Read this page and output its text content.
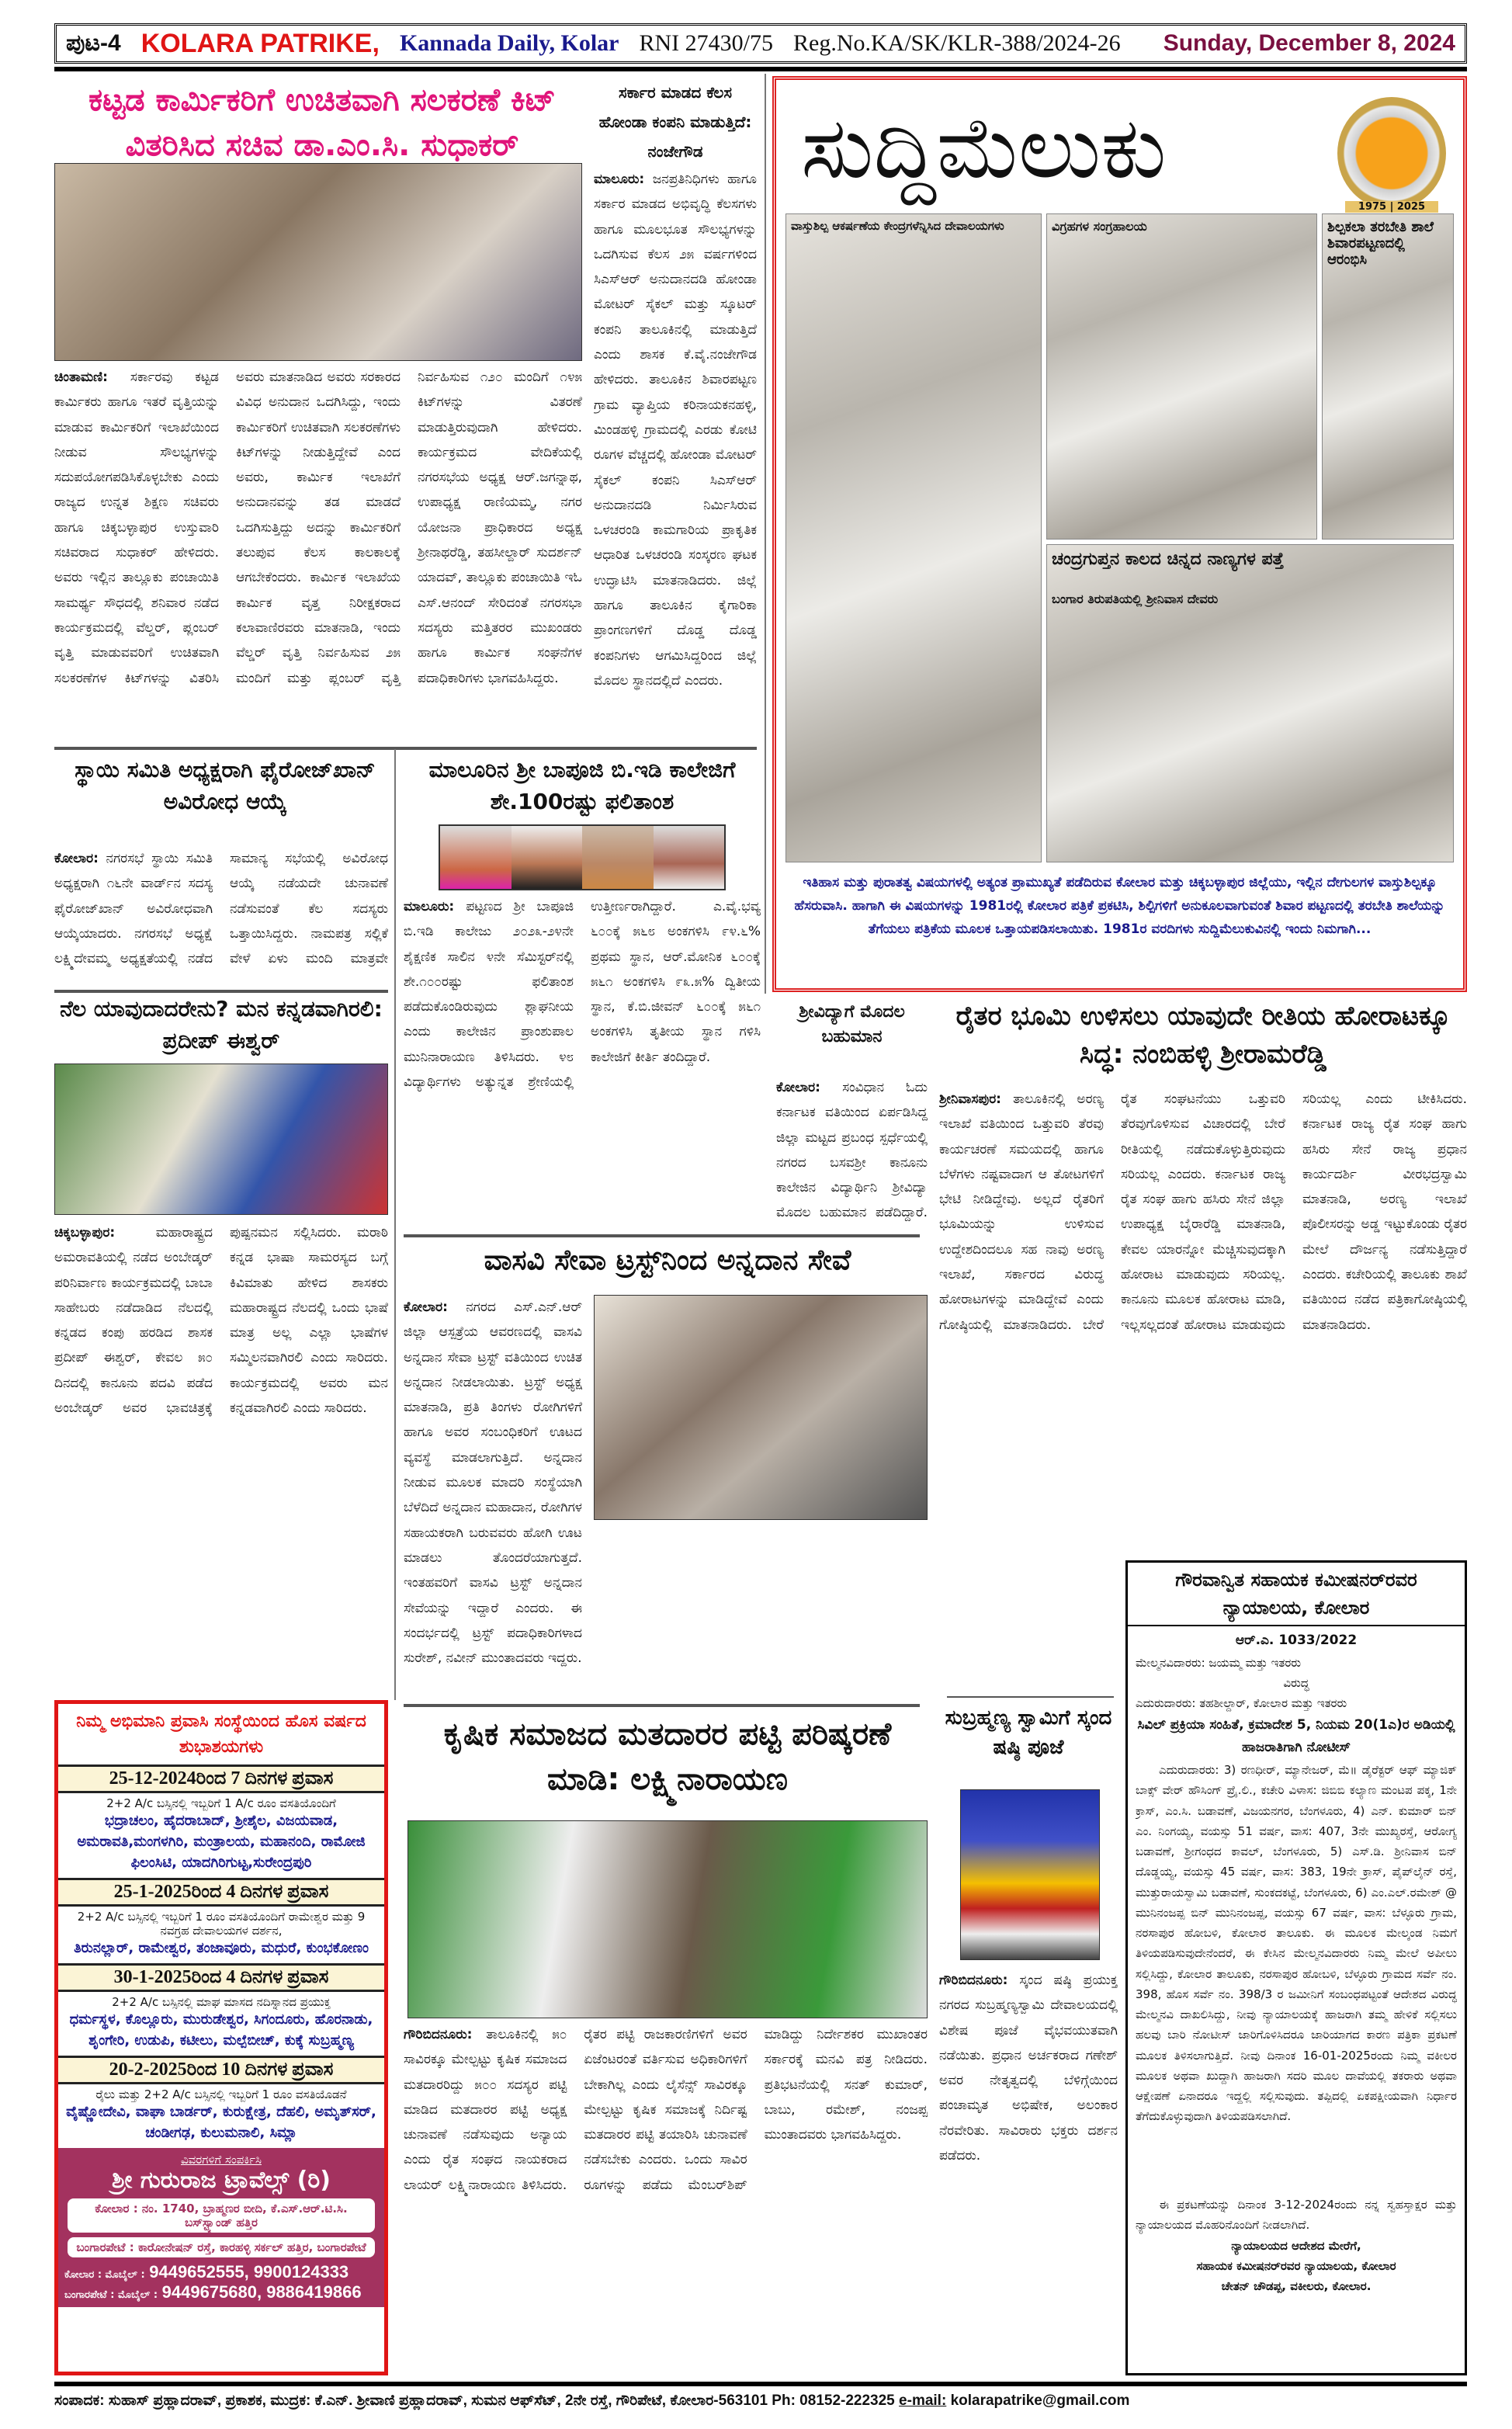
ಪುಟ-4 KOLARA PATRIKE, Kannada Daily, Kolar RNI 27430/75 Reg.No.KA/SK/KLR-388/2024-26 Sunday, December 8, 2024
ಕಟ್ಟಡ ಕಾರ್ಮಿಕರಿಗೆ ಉಚಿತವಾಗಿ ಸಲಕರಣೆ ಕಿಟ್ ವಿತರಿಸಿದ ಸಚಿವ ಡಾ.ಎಂ.ಸಿ. ಸುಧಾಕರ್
ಚಿಂತಾಮಣಿ: ಸರ್ಕಾರವು ಕಟ್ಟಡ ಕಾರ್ಮಿಕರು ಹಾಗೂ ಇತರೆ ವೃತ್ತಿಯನ್ನು ಮಾಡುವ ಕಾರ್ಮಿಕರಿಗೆ ಇಲಾಖೆಯಿಂದ ನೀಡುವ ಸೌಲಭ್ಯಗಳನ್ನು ಸದುಪಯೋಗಪಡಿಸಿಕೊಳ್ಳಬೇಕು ಎಂದು ರಾಜ್ಯದ ಉನ್ನತ ಶಿಕ್ಷಣ ಸಚಿವರು ಹಾಗೂ ಚಿಕ್ಕಬಳ್ಳಾಪುರ ಉಸ್ತುವಾರಿ ಸಚಿವರಾದ ಸುಧಾಕರ್ ಹೇಳಿದರು. ಅವರು ಇಲ್ಲಿನ ತಾಲ್ಲೂಕು ಪಂಚಾಯಿತಿ ಸಾಮರ್ಥ್ಯ ಸೌಧದಲ್ಲಿ ಶನಿವಾರ ನಡೆದ ಕಾರ್ಯಕ್ರಮದಲ್ಲಿ ವೆಲ್ಡರ್, ಪ್ಲಂಬರ್ ವೃತ್ತಿ ಮಾಡುವವರಿಗೆ ಉಚಿತವಾಗಿ ಸಲಕರಣೆಗಳ ಕಿಟ್‌ಗಳನ್ನು ವಿತರಿಸಿ ಅವರು ಮಾತನಾಡಿದ ಅವರು ಸರಕಾರದ ವಿವಿಧ ಅನುದಾನ ಒದಗಿಸಿದ್ದು, ಇಂದು ಕಾರ್ಮಿಕರಿಗೆ ಉಚಿತವಾಗಿ ಸಲಕರಣೆಗಳು ಕಿಟ್‌ಗಳನ್ನು ನೀಡುತ್ತಿದ್ದೇವೆ ಎಂದ ಅವರು, ಕಾರ್ಮಿಕ ಇಲಾಖೆಗೆ ಅನುದಾನವನ್ನು ತಡ ಮಾಡದೆ ಒದಗಿಸುತ್ತಿದ್ದು ಅದನ್ನು ಕಾರ್ಮಿಕರಿಗೆ ತಲುಪುವ ಕೆಲಸ ಕಾಲಕಾಲಕ್ಕೆ ಆಗಬೇಕೆಂದರು. ಕಾರ್ಮಿಕ ಇಲಾಖೆಯ ಕಾರ್ಮಿಕ ವೃತ್ತ ನಿರೀಕ್ಷಕರಾದ ಕಲಾವಾಣಿರವರು ಮಾತನಾಡಿ, ಇಂದು ವೆಲ್ಡರ್ ವೃತ್ತಿ ನಿರ್ವಹಿಸುವ ೨೫ ಮಂದಿಗೆ ಮತ್ತು ಪ್ಲಂಬರ್ ವೃತ್ತಿ ನಿರ್ವಹಿಸುವ ೧೨೦ ಮಂದಿಗೆ ೧೪೫ ಕಿಟ್‌ಗಳನ್ನು ವಿತರಣೆ ಮಾಡುತ್ತಿರುವುದಾಗಿ ಹೇಳಿದರು. ಕಾರ್ಯಕ್ರಮದ ವೇದಿಕೆಯಲ್ಲಿ ನಗರಸಭೆಯ ಅಧ್ಯಕ್ಷ ಆರ್.ಜಗನ್ನಾಥ, ಉಪಾಧ್ಯಕ್ಷ ರಾಣಿಯಮ್ಮ, ನಗರ ಯೋಜನಾ ಪ್ರಾಧಿಕಾರದ ಅಧ್ಯಕ್ಷ ಶ್ರೀನಾಥರೆಡ್ಡಿ, ತಹಸೀಲ್ದಾರ್ ಸುದರ್ಶನ್ ಯಾದವ್, ತಾಲ್ಲೂಕು ಪಂಚಾಯಿತಿ ಇಓ ಎಸ್.ಆನಂದ್ ಸೇರಿದಂತೆ ನಗರಸಭಾ ಸದಸ್ಯರು ಮತ್ತಿತರರ ಮುಖಂಡರು ಹಾಗೂ ಕಾರ್ಮಿಕ ಸಂಘನೆಗಳ ಪದಾಧಿಕಾರಿಗಳು ಭಾಗವಹಿಸಿದ್ದರು.
ಸರ್ಕಾರ ಮಾಡದ ಕೆಲಸ ಹೋಂಡಾ ಕಂಪನಿ ಮಾಡುತ್ತಿದೆ: ನಂಜೇಗೌಡ
ಮಾಲೂರು: ಜನಪ್ರತಿನಿಧಿಗಳು ಹಾಗೂ ಸರ್ಕಾರ ಮಾಡದ ಅಭಿವೃದ್ಧಿ ಕೆಲಸಗಳು ಹಾಗೂ ಮೂಲಭೂತ ಸೌಲಭ್ಯಗಳನ್ನು ಒದಗಿಸುವ ಕೆಲಸ ೨೫ ವರ್ಷಗಳಿಂದ ಸಿಎಸ್‌ಆರ್ ಅನುದಾನದಡಿ ಹೋಂಡಾ ಮೋಟರ್ ಸೈಕಲ್ ಮತ್ತು ಸ್ಕೂಟರ್ ಕಂಪನಿ ತಾಲೂಕಿನಲ್ಲಿ ಮಾಡುತ್ತಿದೆ ಎಂದು ಶಾಸಕ ಕೆ.ವೈ.ನಂಜೇಗೌಡ ಹೇಳಿದರು. ತಾಲೂಕಿನ ಶಿವಾರಪಟ್ಟಣ ಗ್ರಾಮ ವ್ಯಾಪ್ತಿಯ ಕರಿನಾಯಕನಹಳ್ಳಿ, ಮಿಂಡಹಳ್ಳಿ ಗ್ರಾಮದಲ್ಲಿ ಎರಡು ಕೋಟಿ ರೂಗಳ ವೆಚ್ಚದಲ್ಲಿ ಹೋಂಡಾ ಮೋಟರ್ ಸೈಕಲ್ ಕಂಪನಿ ಸಿಎಸ್‌ಆರ್ ಅನುದಾನದಡಿ ನಿರ್ಮಿಸಿರುವ ಒಳಚರಂಡಿ ಕಾಮಗಾರಿಯ ಪ್ರಾಕೃತಿಕ ಆಧಾರಿತ ಒಳಚರಂಡಿ ಸಂಸ್ಕರಣ ಘಟಕ ಉದ್ಘಾಟಿಸಿ ಮಾತನಾಡಿದರು. ಜಿಲ್ಲೆ ಹಾಗೂ ತಾಲೂಕಿನ ಕೈಗಾರಿಕಾ ಪ್ರಾಂಗಣಗಳಿಗೆ ದೊಡ್ಡ ದೊಡ್ಡ ಕಂಪನಿಗಳು ಆಗಮಿಸಿದ್ದರಿಂದ ಜಿಲ್ಲೆ ಮೊದಲ ಸ್ಥಾನದಲ್ಲಿದೆ ಎಂದರು.
ಸುದ್ದಿಮೆಲುಕು
1975 | 2025
ವಾಸ್ತುಶಿಲ್ಪ ಆಕರ್ಷಣೆಯ ಕೇಂದ್ರಗಳೆನ್ನಿಸಿದ ದೇವಾಲಯಗಳು	ವಿಗ್ರಹಗಳ ಸಂಗ್ರಹಾಲಯ	ಶಿಲ್ಪಕಲಾ ತರಬೇತಿ ಶಾಲೆ ಶಿವಾರಪಟ್ಟಣದಲ್ಲಿ ಆರಂಭಿಸಿ
ಚಂದ್ರಗುಪ್ತನ ಕಾಲದ ಚಿನ್ನದ ನಾಣ್ಯಗಳ ಪತ್ತೆ

ಬಂಗಾರ ತಿರುಪತಿಯಲ್ಲಿ ಶ್ರೀನಿವಾಸ ದೇವರು
ಇತಿಹಾಸ ಮತ್ತು ಪುರಾತತ್ವ ವಿಷಯಗಳಲ್ಲಿ ಅತ್ಯಂತ ಪ್ರಾಮುಖ್ಯತೆ ಪಡೆದಿರುವ ಕೋಲಾರ ಮತ್ತು ಚಿಕ್ಕಬಳ್ಳಾಪುರ ಜಿಲ್ಲೆಯು, ಇಲ್ಲಿನ ದೇಗುಲಗಳ ವಾಸ್ತುಶಿಲ್ಪಕ್ಕೂ ಹೆಸರುವಾಸಿ. ಹಾಗಾಗಿ ಈ ವಿಷಯಗಳನ್ನು 1981ರಲ್ಲಿ ಕೋಲಾರ ಪತ್ರಿಕೆ ಪ್ರಕಟಿಸಿ, ಶಿಲ್ಪಿಗಳಿಗೆ ಅನುಕೂಲವಾಗುವಂತೆ ಶಿವಾರ ಪಟ್ಟಣದಲ್ಲಿ ತರಬೇತಿ ಶಾಲೆಯನ್ನು ತೆಗೆಯಲು ಪತ್ರಿಕೆಯ ಮೂಲಕ ಒತ್ತಾಯಪಡಿಸಲಾಯಿತು. 1981ರ ವರದಿಗಳು ಸುದ್ದಿಮೆಲುಕುವಿನಲ್ಲಿ ಇಂದು ನಿಮಗಾಗಿ...
ಸ್ಥಾಯಿ ಸಮಿತಿ ಅಧ್ಯಕ್ಷರಾಗಿ ಫೈರೋಜ್‌ಖಾನ್ ಅವಿರೋಧ ಆಯ್ಕೆ
ಕೋಲಾರ: ನಗರಸಭೆ ಸ್ಥಾಯಿ ಸಮಿತಿ ಅಧ್ಯಕ್ಷರಾಗಿ ೧೬ನೇ ವಾರ್ಡ್‌ನ ಸದಸ್ಯ ಫೈರೋಜ್‌ಖಾನ್ ಅವಿರೋಧವಾಗಿ ಆಯ್ಕೆಯಾದರು. ನಗರಸಭೆ ಅಧ್ಯಕ್ಷೆ ಲಕ್ಷ್ಮಿದೇವಮ್ಮ ಅಧ್ಯಕ್ಷತೆಯಲ್ಲಿ ನಡೆದ ಸಾಮಾನ್ಯ ಸಭೆಯಲ್ಲಿ ಅವಿರೋಧ ಆಯ್ಕೆ ನಡೆಯದೇ ಚುನಾವಣೆ ನಡೆಸುವಂತೆ ಕೆಲ ಸದಸ್ಯರು ಒತ್ತಾಯಿಸಿದ್ದರು. ನಾಮಪತ್ರ ಸಲ್ಲಿಕೆ ವೇಳೆ ಏಳು ಮಂದಿ ಮಾತ್ರವೇ
ಮಾಲೂರಿನ ಶ್ರೀ ಬಾಪೂಜಿ ಬಿ.ಇಡಿ ಕಾಲೇಜಿಗೆ ಶೇ.100ರಷ್ಟು ಫಲಿತಾಂಶ
ಮಾಲೂರು: ಪಟ್ಟಣದ ಶ್ರೀ ಬಾಪೂಜಿ ಬಿ.ಇಡಿ ಕಾಲೇಜು ೨೦೨೩-೨೪ನೇ ಶೈಕ್ಷಣಿಕ ಸಾಲಿನ ೪ನೇ ಸೆಮಿಸ್ಟರ್‌ನಲ್ಲಿ ಶೇ.೧೦೦ರಷ್ಟು ಫಲಿತಾಂಶ ಪಡೆದುಕೊಂಡಿರುವುದು ಶ್ಲಾಘನೀಯ ಎಂದು ಕಾಲೇಜಿನ ಪ್ರಾಂಶುಪಾಲ ಮುನಿನಾರಾಯಣ ತಿಳಿಸಿದರು. ೪೮ ವಿದ್ಯಾರ್ಥಿಗಳು ಅತ್ಯುನ್ನತ ಶ್ರೇಣಿಯಲ್ಲಿ ಉತ್ತೀರ್ಣರಾಗಿದ್ದಾರೆ. ಎ.ವೈ.ಭವ್ಯ ೬೦೦ಕ್ಕೆ ೫೬೮ ಅಂಕಗಳಿಸಿ ೯೪.೬% ಪ್ರಥಮ ಸ್ಥಾನ, ಆರ್.ಮೋನಿಕ ೬೦೦ಕ್ಕೆ ೫೬೧ ಅಂಕಗಳಿಸಿ ೯೩.೫% ದ್ವಿತೀಯ ಸ್ಥಾನ, ಕೆ.ಬಿ.ಜೀವನ್ ೬೦೦ಕ್ಕೆ ೫೬೧ ಅಂಕಗಳಿಸಿ ತೃತೀಯ ಸ್ಥಾನ ಗಳಿಸಿ ಕಾಲೇಜಿಗೆ ಕೀರ್ತಿ ತಂದಿದ್ದಾರೆ.
ನೆಲ ಯಾವುದಾದರೇನು? ಮನ ಕನ್ನಡವಾಗಿರಲಿ: ಪ್ರದೀಪ್ ಈಶ್ವರ್
ಚಿಕ್ಕಬಳ್ಳಾಪುರ:	ಮಹಾರಾಷ್ಟ್ರದ ಅಮರಾವತಿಯಲ್ಲಿ ನಡೆದ ಅಂಬೇಡ್ಕರ್ ಪರಿನಿರ್ವಾಣ ಕಾರ್ಯಕ್ರಮದಲ್ಲಿ ಬಾಬಾ ಸಾಹೇಬರು ನಡೆದಾಡಿದ ನೆಲದಲ್ಲಿ ಕನ್ನಡದ ಕಂಪು ಹರಡಿದ ಶಾಸಕ ಪ್ರದೀಪ್ ಈಶ್ವರ್, ಕೇವಲ ೫೦ ದಿನದಲ್ಲಿ ಕಾನೂನು ಪದವಿ ಪಡೆದ ಅಂಬೇಡ್ಕರ್ ಅವರ ಭಾವಚಿತ್ರಕ್ಕೆ ಪುಷ್ಪನಮನ ಸಲ್ಲಿಸಿದರು. ಮರಾಠಿ ಕನ್ನಡ ಭಾಷಾ ಸಾಮರಸ್ಯದ ಬಗ್ಗೆ ಕಿವಿಮಾತು ಹೇಳಿದ ಶಾಸಕರು ಮಹಾರಾಷ್ಟ್ರದ ನೆಲದಲ್ಲಿ ಒಂದು ಭಾಷೆ ಮಾತ್ರ ಅಲ್ಲ ಎಲ್ಲಾ ಭಾಷೆಗಳ ಸಮ್ಮಿಲನವಾಗಿರಲಿ ಎಂದು ಸಾರಿದರು. ಕಾರ್ಯಕ್ರಮದಲ್ಲಿ ಅವರು ಮನ ಕನ್ನಡವಾಗಿರಲಿ ಎಂದು ಸಾರಿದರು.
ವಾಸವಿ ಸೇವಾ ಟ್ರಸ್ಟ್‌ನಿಂದ ಅನ್ನದಾನ ಸೇವೆ
ಕೋಲಾರ: ನಗರದ ಎಸ್.ಎನ್.ಆರ್ ಜಿಲ್ಲಾ ಆಸ್ಪತ್ರೆಯ ಆವರಣದಲ್ಲಿ ವಾಸವಿ ಅನ್ನದಾನ ಸೇವಾ ಟ್ರಸ್ಟ್ ವತಿಯಿಂದ ಉಚಿತ ಅನ್ನದಾನ ನೀಡಲಾಯಿತು. ಟ್ರಸ್ಟ್ ಅಧ್ಯಕ್ಷ ಮಾತನಾಡಿ, ಪ್ರತಿ ತಿಂಗಳು ರೋಗಿಗಳಿಗೆ ಹಾಗೂ ಅವರ ಸಂಬಂಧಿಕರಿಗೆ ಊಟದ ವ್ಯವಸ್ಥೆ ಮಾಡಲಾಗುತ್ತಿದೆ. ಅನ್ನದಾನ ನೀಡುವ ಮೂಲಕ ಮಾದರಿ ಸಂಸ್ಥೆಯಾಗಿ ಬೆಳೆದಿದೆ ಅನ್ನದಾನ ಮಹಾದಾನ, ರೋಗಿಗಳ ಸಹಾಯಕರಾಗಿ ಬರುವವರು ಹೋಗಿ ಊಟ ಮಾಡಲು ತೊಂದರೆಯಾಗುತ್ತದೆ. ಇಂತಹವರಿಗೆ ವಾಸವಿ ಟ್ರಸ್ಟ್ ಅನ್ನದಾನ ಸೇವೆಯನ್ನು ಇದ್ದಾರೆ ಎಂದರು. ಈ ಸಂದರ್ಭದಲ್ಲಿ ಟ್ರಸ್ಟ್ ಪದಾಧಿಕಾರಿಗಳಾದ ಸುರೇಶ್, ನವೀನ್ ಮುಂತಾದವರು ಇದ್ದರು.
ಶ್ರೀವಿದ್ಯಾಗೆ ಮೊದಲ ಬಹುಮಾನ
ಕೋಲಾರ: ಸಂವಿಧಾನ ಓದು ಕರ್ನಾಟಕ ವತಿಯಿಂದ ಏರ್ಪಡಿಸಿದ್ದ ಜಿಲ್ಲಾ ಮಟ್ಟದ ಪ್ರಬಂಧ ಸ್ಪರ್ಧೆಯಲ್ಲಿ ನಗರದ ಬಸವಶ್ರೀ ಕಾನೂನು ಕಾಲೇಜಿನ ವಿದ್ಯಾರ್ಥಿನಿ ಶ್ರೀವಿದ್ಯಾ ಮೊದಲ ಬಹುಮಾನ ಪಡೆದಿದ್ದಾರೆ.
ರೈತರ ಭೂಮಿ ಉಳಿಸಲು ಯಾವುದೇ ರೀತಿಯ ಹೋರಾಟಕ್ಕೂ ಸಿದ್ಧ: ನಂಬಿಹಳ್ಳಿ ಶ್ರೀರಾಮರೆಡ್ಡಿ
ಶ್ರೀನಿವಾಸಪುರ: ತಾಲೂಕಿನಲ್ಲಿ ಅರಣ್ಯ ಇಲಾಖೆ ವತಿಯಿಂದ ಒತ್ತುವರಿ ತೆರವು ಕಾರ್ಯಚರಣೆ ಸಮಯದಲ್ಲಿ ಹಾಗೂ ಬೆಳೆಗಳು ನಷ್ಟವಾದಾಗ ಆ ತೋಟಗಳಿಗೆ ಭೇಟಿ ನೀಡಿದ್ದೇವು. ಅಲ್ಲದೆ ರೈತರಿಗೆ ಭೂಮಿಯನ್ನು ಉಳಿಸುವ ಉದ್ದೇಶದಿಂದಲೂ ಸಹ ನಾವು ಅರಣ್ಯ ಇಲಾಖೆ, ಸರ್ಕಾರದ ವಿರುದ್ಧ ಹೋರಾಟಗಳನ್ನು ಮಾಡಿದ್ದೇವೆ ಎಂದು ಗೋಷ್ಠಿಯಲ್ಲಿ ಮಾತನಾಡಿದರು. ಬೇರೆ ರೈತ ಸಂಘಟನೆಯು ಒತ್ತುವರಿ ತೆರವುಗೊಳಿಸುವ ವಿಚಾರದಲ್ಲಿ ಬೇರೆ ರೀತಿಯಲ್ಲಿ ನಡೆದುಕೊಳ್ಳುತ್ತಿರುವುದು ಸರಿಯಲ್ಲ ಎಂದರು. ಕರ್ನಾಟಕ ರಾಜ್ಯ ರೈತ ಸಂಘ ಹಾಗು ಹಸಿರು ಸೇನೆ ಜಿಲ್ಲಾ ಉಪಾಧ್ಯಕ್ಷ ಬೈರಾರೆಡ್ಡಿ ಮಾತನಾಡಿ, ಕೇವಲ ಯಾರನ್ನೋ ಮೆಚ್ಚಿಸುವುದಕ್ಕಾಗಿ ಹೋರಾಟ ಮಾಡುವುದು ಸರಿಯಲ್ಲ. ಕಾನೂನು ಮೂಲಕ ಹೋರಾಟ ಮಾಡಿ, ಇಲ್ಲಸಲ್ಲದಂತೆ ಹೋರಾಟ ಮಾಡುವುದು ಸರಿಯಲ್ಲ ಎಂದು ಟೀಕಿಸಿದರು. ಕರ್ನಾಟಕ ರಾಜ್ಯ ರೈತ ಸಂಘ ಹಾಗು ಹಸಿರು ಸೇನೆ ರಾಜ್ಯ ಪ್ರಧಾನ ಕಾರ್ಯದರ್ಶಿ ವೀರಭದ್ರಸ್ವಾಮಿ ಮಾತನಾಡಿ, ಅರಣ್ಯ ಇಲಾಖೆ ಪೊಲೀಸರನ್ನು ಅಡ್ಡ ಇಟ್ಟುಕೊಂಡು ರೈತರ ಮೇಲೆ ದೌರ್ಜನ್ಯ ನಡೆಸುತ್ತಿದ್ದಾರೆ ಎಂದರು. ಕಚೇರಿಯಲ್ಲಿ ತಾಲೂಕು ಶಾಖೆ ವತಿಯಿಂದ ನಡೆದ ಪತ್ರಿಕಾಗೋಷ್ಠಿಯಲ್ಲಿ ಮಾತನಾಡಿದರು.
ಕೃಷಿಕ ಸಮಾಜದ ಮತದಾರರ ಪಟ್ಟಿ ಪರಿಷ್ಕರಣೆ ಮಾಡಿ: ಲಕ್ಷ್ಮಿನಾರಾಯಣ
ಗೌರಿಬಿದನೂರು: ತಾಲೂಕಿನಲ್ಲಿ ೫೦ ಸಾವಿರಕ್ಕೂ ಮೇಲ್ಪಟ್ಟು ಕೃಷಿಕ ಸಮಾಜದ ಮತದಾರರಿದ್ದು ೫೦೦ ಸದಸ್ಯರ ಪಟ್ಟಿ ಮಾಡಿದ ಮತದಾರರ ಪಟ್ಟಿ ಅಧ್ಯಕ್ಷ ಚುನಾವಣೆ ನಡೆಸುವುದು ಅನ್ಯಾಯ ಎಂದು ರೈತ ಸಂಘದ ನಾಯಕರಾದ ಲಾಯರ್ ಲಕ್ಷ್ಮಿನಾರಾಯಣ ತಿಳಿಸಿದರು. ರೈತರ ಪಟ್ಟಿ ರಾಜಕಾರಣಿಗಳಿಗೆ ಅವರ ಏಜೆಂಟರಂತೆ ವರ್ತಿಸುವ ಅಧಿಕಾರಿಗಳಿಗೆ ಬೇಕಾಗಿಲ್ಲ ಎಂದು ಲೈಸೆನ್ಸ್ ಸಾವಿರಕ್ಕೂ ಮೇಲ್ಪಟ್ಟು ಕೃಷಿಕ ಸಮಾಜಕ್ಕೆ ನಿರ್ದಿಷ್ಟ ಮತದಾರರ ಪಟ್ಟಿ ತಯಾರಿಸಿ ಚುನಾವಣೆ ನಡೆಸಬೇಕು ಎಂದರು. ಒಂದು ಸಾವಿರ ರೂಗಳನ್ನು ಪಡೆದು ಮೆಂಬರ್‌ಶಿಪ್ ಮಾಡಿದ್ದು ನಿರ್ದೇಶಕರ ಮುಖಾಂತರ ಸರ್ಕಾರಕ್ಕೆ ಮನವಿ ಪತ್ರ ನೀಡಿದರು. ಪ್ರತಿಭಟನೆಯಲ್ಲಿ ಸನತ್ ಕುಮಾರ್, ಬಾಬು, ರಮೇಶ್, ನಂಜಪ್ಪ ಮುಂತಾದವರು ಭಾಗವಹಿಸಿದ್ದರು.
ಸುಬ್ರಹ್ಮಣ್ಯ ಸ್ವಾಮಿಗೆ ಸ್ಕಂದ ಷಷ್ಠಿ ಪೂಜೆ
ಗೌರಿಬಿದನೂರು: ಸ್ಕಂದ ಷಷ್ಠಿ ಪ್ರಯುಕ್ತ ನಗರದ ಸುಬ್ರಹ್ಮಣ್ಯಸ್ವಾಮಿ ದೇವಾಲಯದಲ್ಲಿ ವಿಶೇಷ ಪೂಜೆ ವೈಭವಯುತವಾಗಿ ನಡೆಯಿತು. ಪ್ರಧಾನ ಅರ್ಚಕರಾದ ಗಣೇಶ್ ಅವರ ನೇತೃತ್ವದಲ್ಲಿ ಬೆಳಿಗ್ಗೆಯಿಂದ ಪಂಚಾಮೃತ ಅಭಿಷೇಕ, ಅಲಂಕಾರ ನೆರವೇರಿತು. ಸಾವಿರಾರು ಭಕ್ತರು ದರ್ಶನ ಪಡೆದರು.
ನಿಮ್ಮ ಅಭಿಮಾನಿ ಪ್ರವಾಸಿ ಸಂಸ್ಥೆಯಿಂದ ಹೊಸ ವರ್ಷದ ಶುಭಾಶಯಗಳು
25-12-2024ರಿಂದ 7 ದಿನಗಳ ಪ್ರವಾಸ
2+2 A/c ಬಸ್ಸಿನಲ್ಲಿ ಇಬ್ಬರಿಗೆ 1 A/c ರೂಂ ವಸತಿಯೊಂದಿಗೆ
ಭದ್ರಾಚಲಂ, ಹೈದರಾಬಾದ್, ಶ್ರೀಶೈಲ, ವಿಜಯವಾಡ, ಅಮರಾವತಿ,ಮಂಗಳಗಿರಿ, ಮಂತ್ರಾಲಯ, ಮಹಾನಂದಿ, ರಾಮೋಜಿ ಫಿಲಂಸಿಟಿ, ಯಾದಗಿರಿಗುಟ್ಟ,ಸುರೇಂದ್ರಪುರಿ
25-1-2025ರಿಂದ 4 ದಿನಗಳ ಪ್ರವಾಸ
2+2 A/c ಬಸ್ಸಿನಲ್ಲಿ ಇಬ್ಬರಿಗೆ 1 ರೂಂ ವಸತಿಯೊಂದಿಗೆ ರಾಮೇಶ್ವರ ಮತ್ತು 9 ನವಗ್ರಹ ದೇವಾಲಯಗಳ ದರ್ಶನ,
ತಿರುನಲ್ಲಾರ್, ರಾಮೇಶ್ವರ, ತಂಜಾವೂರು, ಮಧುರೆ, ಕುಂಭಕೋಣಂ
30-1-2025ರಿಂದ 4 ದಿನಗಳ ಪ್ರವಾಸ
2+2 A/c ಬಸ್ಸಿನಲ್ಲಿ ಮಾಘ ಮಾಸದ ನದಿಸ್ನಾನದ ಪ್ರಯುಕ್ತ
ಧರ್ಮಸ್ಥಳ, ಕೊಲ್ಲೂರು, ಮುರುಡೇಶ್ವರ, ಸಿಗಂದೂರು, ಹೊರನಾಡು, ಶೃಂಗೇರಿ, ಉಡುಪಿ, ಕಟೀಲು, ಮಲ್ಪೆಬೀಚ್, ಕುಕ್ಕೆ ಸುಬ್ರಹ್ಮಣ್ಯ
20-2-2025ರಿಂದ 10 ದಿನಗಳ ಪ್ರವಾಸ
ರೈಲು ಮತ್ತು 2+2 A/c ಬಸ್ಸಿನಲ್ಲಿ ಇಬ್ಬರಿಗೆ 1 ರೂಂ ವಸತಿಯೊಡನೆ
ವೈಷ್ಣೋದೇವಿ, ವಾಘಾ ಬಾರ್ಡರ್, ಕುರುಕ್ಷೇತ್ರ, ದೆಹಲಿ, ಅಮೃತ್‌ಸರ್, ಚಂಡೀಗಢ, ಕುಲುಮನಾಲಿ, ಸಿಮ್ಲಾ
ವಿವರಗಳಿಗೆ ಸಂಪರ್ಕಿಸಿ
ಶ್ರೀ ಗುರುರಾಜ ಟ್ರಾವೆಲ್ಸ್ (ರಿ)
ಕೋಲಾರ : ನಂ. 1740, ಬ್ರಾಹ್ಮಣರ ಬೀದಿ, ಕೆ.ಎಸ್.ಆರ್.ಟಿ.ಸಿ. ಬಸ್‌ಸ್ಟ್ಯಾಂಡ್ ಹತ್ತಿರ
ಬಂಗಾರಪೇಟೆ : ಕಾರೋನೇಷನ್ ರಸ್ತೆ, ಕಾರಹಳ್ಳಿ ಸರ್ಕಲ್ ಹತ್ತಿರ, ಬಂಗಾರಪೇಟೆ
ಕೋಲಾರ : ಮೊಬೈಲ್ : 9449652555, 9900124333
ಬಂಗಾರಪೇಟೆ : ಮೊಬೈಲ್ : 9449675680, 9886419866
ಗೌರವಾನ್ವಿತ ಸಹಾಯಕ ಕಮೀಷನರ್‌ರವರ ನ್ಯಾಯಾಲಯ, ಕೋಲಾರ
ಆರ್.ಎ. 1033/2022
ಮೇಲ್ಮನವಿದಾರರು: ಜಯಮ್ಮ ಮತ್ತು ಇತರರು
ವಿರುದ್ಧ
ಎದುರುದಾರರು: ತಹಶೀಲ್ದಾರ್, ಕೋಲಾರ ಮತ್ತು ಇತರರು
ಸಿವಿಲ್ ಪ್ರಕ್ರಿಯಾ ಸಂಹಿತೆ, ಕ್ರಮಾದೇಶ 5, ನಿಯಮ 20(1ಎ)ರ ಅಡಿಯಲ್ಲಿ ಹಾಜರಾತಿಗಾಗಿ ನೋಟೀಸ್
ಎದುರುದಾರರು: 3) ರಣಧೀರ್, ಮ್ಯಾನೇಜರ್, ಮೆ॥ ಡೈರೆಕ್ಟರ್ ಆಫ್ ಮ್ಯಾಜಿಕ್ ಬಾಕ್ಸ್ ವೇರ್ ಹೌಸಿಂಗ್ ಪ್ರೈ.ಲಿ., ಕಚೇರಿ ವಿಳಾಸ: ಜಿಬಿಬಿ ಕಲ್ಯಾಣ ಮಂಟಪ ಪಕ್ಕ, 1ನೇ ಕ್ರಾಸ್, ಎಂ.ಸಿ. ಬಡಾವಣೆ, ವಿಜಯನಗರ, ಬೆಂಗಳೂರು, 4) ಎನ್. ಕುಮಾರ್ ಬಿನ್ ಎಂ. ನಿಂಗಯ್ಯ, ವಯಸ್ಸು 51 ವರ್ಷ, ವಾಸ: 407, 3ನೇ ಮುಖ್ಯರಸ್ತೆ, ಆರೋಗ್ಯ ಬಡಾವಣೆ, ಶ್ರೀಗಂಧದ ಕಾವಲ್, ಬೆಂಗಳೂರು, 5) ಎಸ್.ಡಿ. ಶ್ರೀನಿವಾಸ ಬಿನ್ ದೊಡ್ಡಯ್ಯ, ವಯಸ್ಸು 45 ವರ್ಷ, ವಾಸ: 383, 19ನೇ ಕ್ರಾಸ್, ಪೈಪ್‌ಲೈನ್ ರಸ್ತೆ, ಮುತ್ತುರಾಯಸ್ವಾಮಿ ಬಡಾವಣೆ, ಸುಂಕದಕಟ್ಟೆ, ಬೆಂಗಳೂರು, 6) ಎಂ.ಎಲ್.ರಮೇಶ್ @ ಮುನಿನಂಜಪ್ಪ ಬಿನ್ ಮುನಿನಂಜಪ್ಪ, ವಯಸ್ಸು 67 ವರ್ಷ, ವಾಸ: ಬೆಳ್ಳೂರು ಗ್ರಾಮ, ನರಸಾಪುರ ಹೋಬಳಿ, ಕೋಲಾರ ತಾಲೂಕು. ಈ ಮೂಲಕ ಮೇಲ್ಕಂಡ ನಿಮಗೆ ತಿಳಿಯಪಡಿಸುವುದೇನೆಂದರೆ, ಈ ಕೇಸಿನ ಮೇಲ್ಮನವಿದಾರರು ನಿಮ್ಮ ಮೇಲೆ ಅಪೀಲು ಸಲ್ಲಿಸಿದ್ದು, ಕೋಲಾರ ತಾಲೂಕು, ನರಸಾಪುರ ಹೋಬಳಿ, ಬೆಳ್ಳೂರು ಗ್ರಾಮದ ಸರ್ವೆ ನಂ. 398, ಹೊಸ ಸರ್ವೆ ನಂ. 398/3 ರ ಜಮೀನಿಗೆ ಸಂಬಂಧಪಟ್ಟಂತೆ ಆದೇಶದ ವಿರುದ್ಧ ಮೇಲ್ಮನವಿ ದಾಖಲಿಸಿದ್ದು, ನೀವು ನ್ಯಾಯಾಲಯಕ್ಕೆ ಹಾಜರಾಗಿ ತಮ್ಮ ಹೇಳಿಕೆ ಸಲ್ಲಿಸಲು ಹಲವು ಬಾರಿ ನೋಟೀಸ್ ಜಾರಿಗೊಳಿಸಿದರೂ ಜಾರಿಯಾಗದ ಕಾರಣ ಪತ್ರಿಕಾ ಪ್ರಕಟಣೆ ಮೂಲಕ ತಿಳಿಸಲಾಗುತ್ತಿದೆ. ನೀವು ದಿನಾಂಕ 16-01-2025ರಂದು ನಿಮ್ಮ ವಕೀಲರ ಮೂಲಕ ಅಥವಾ ಖುದ್ದಾಗಿ ಹಾಜರಾಗಿ ಸದರಿ ಮೂಲ ದಾವೆಯಲ್ಲಿ ತಕರಾರು ಅಥವಾ ಆಕ್ಷೇಪಣೆ ಏನಾದರೂ ಇದ್ದಲ್ಲಿ ಸಲ್ಲಿಸುವುದು. ತಪ್ಪಿದಲ್ಲಿ ಏಕಪಕ್ಷೀಯವಾಗಿ ನಿರ್ಧಾರ ತೆಗೆದುಕೊಳ್ಳುವುದಾಗಿ ತಿಳಿಯಪಡಿಸಲಾಗಿದೆ.
ಈ ಪ್ರಕಟಣೆಯನ್ನು ದಿನಾಂಕ 3-12-2024ರಂದು ನನ್ನ ಸ್ವಹಸ್ತಾಕ್ಷರ ಮತ್ತು ನ್ಯಾಯಾಲಯದ ಮೊಹರಿನೊಂದಿಗೆ ನೀಡಲಾಗಿದೆ.
ನ್ಯಾಯಾಲಯದ ಆದೇಶದ ಮೇರೆಗೆ,
ಸಹಾಯಕ ಕಮೀಷನರ್‌ರವರ ನ್ಯಾಯಾಲಯ, ಕೋಲಾರ
ಚೇತನ್ ಚೌಡಪ್ಪ, ವಕೀಲರು, ಕೋಲಾರ.
ಸಂಪಾದಕ: ಸುಹಾಸ್ ಪ್ರಹ್ಲಾದರಾವ್, ಪ್ರಕಾಶಕ, ಮುದ್ರಕ: ಕೆ.ಎನ್. ಶ್ರೀವಾಣಿ ಪ್ರಹ್ಲಾದರಾವ್, ಸುಮನ ಆಫ್‌ಸೆಟ್, 2ನೇ ರಸ್ತೆ, ಗೌರಿಪೇಟೆ, ಕೋಲಾರ-563101 Ph: 08152-222325 e-mail: kolarapatrike@gmail.com
